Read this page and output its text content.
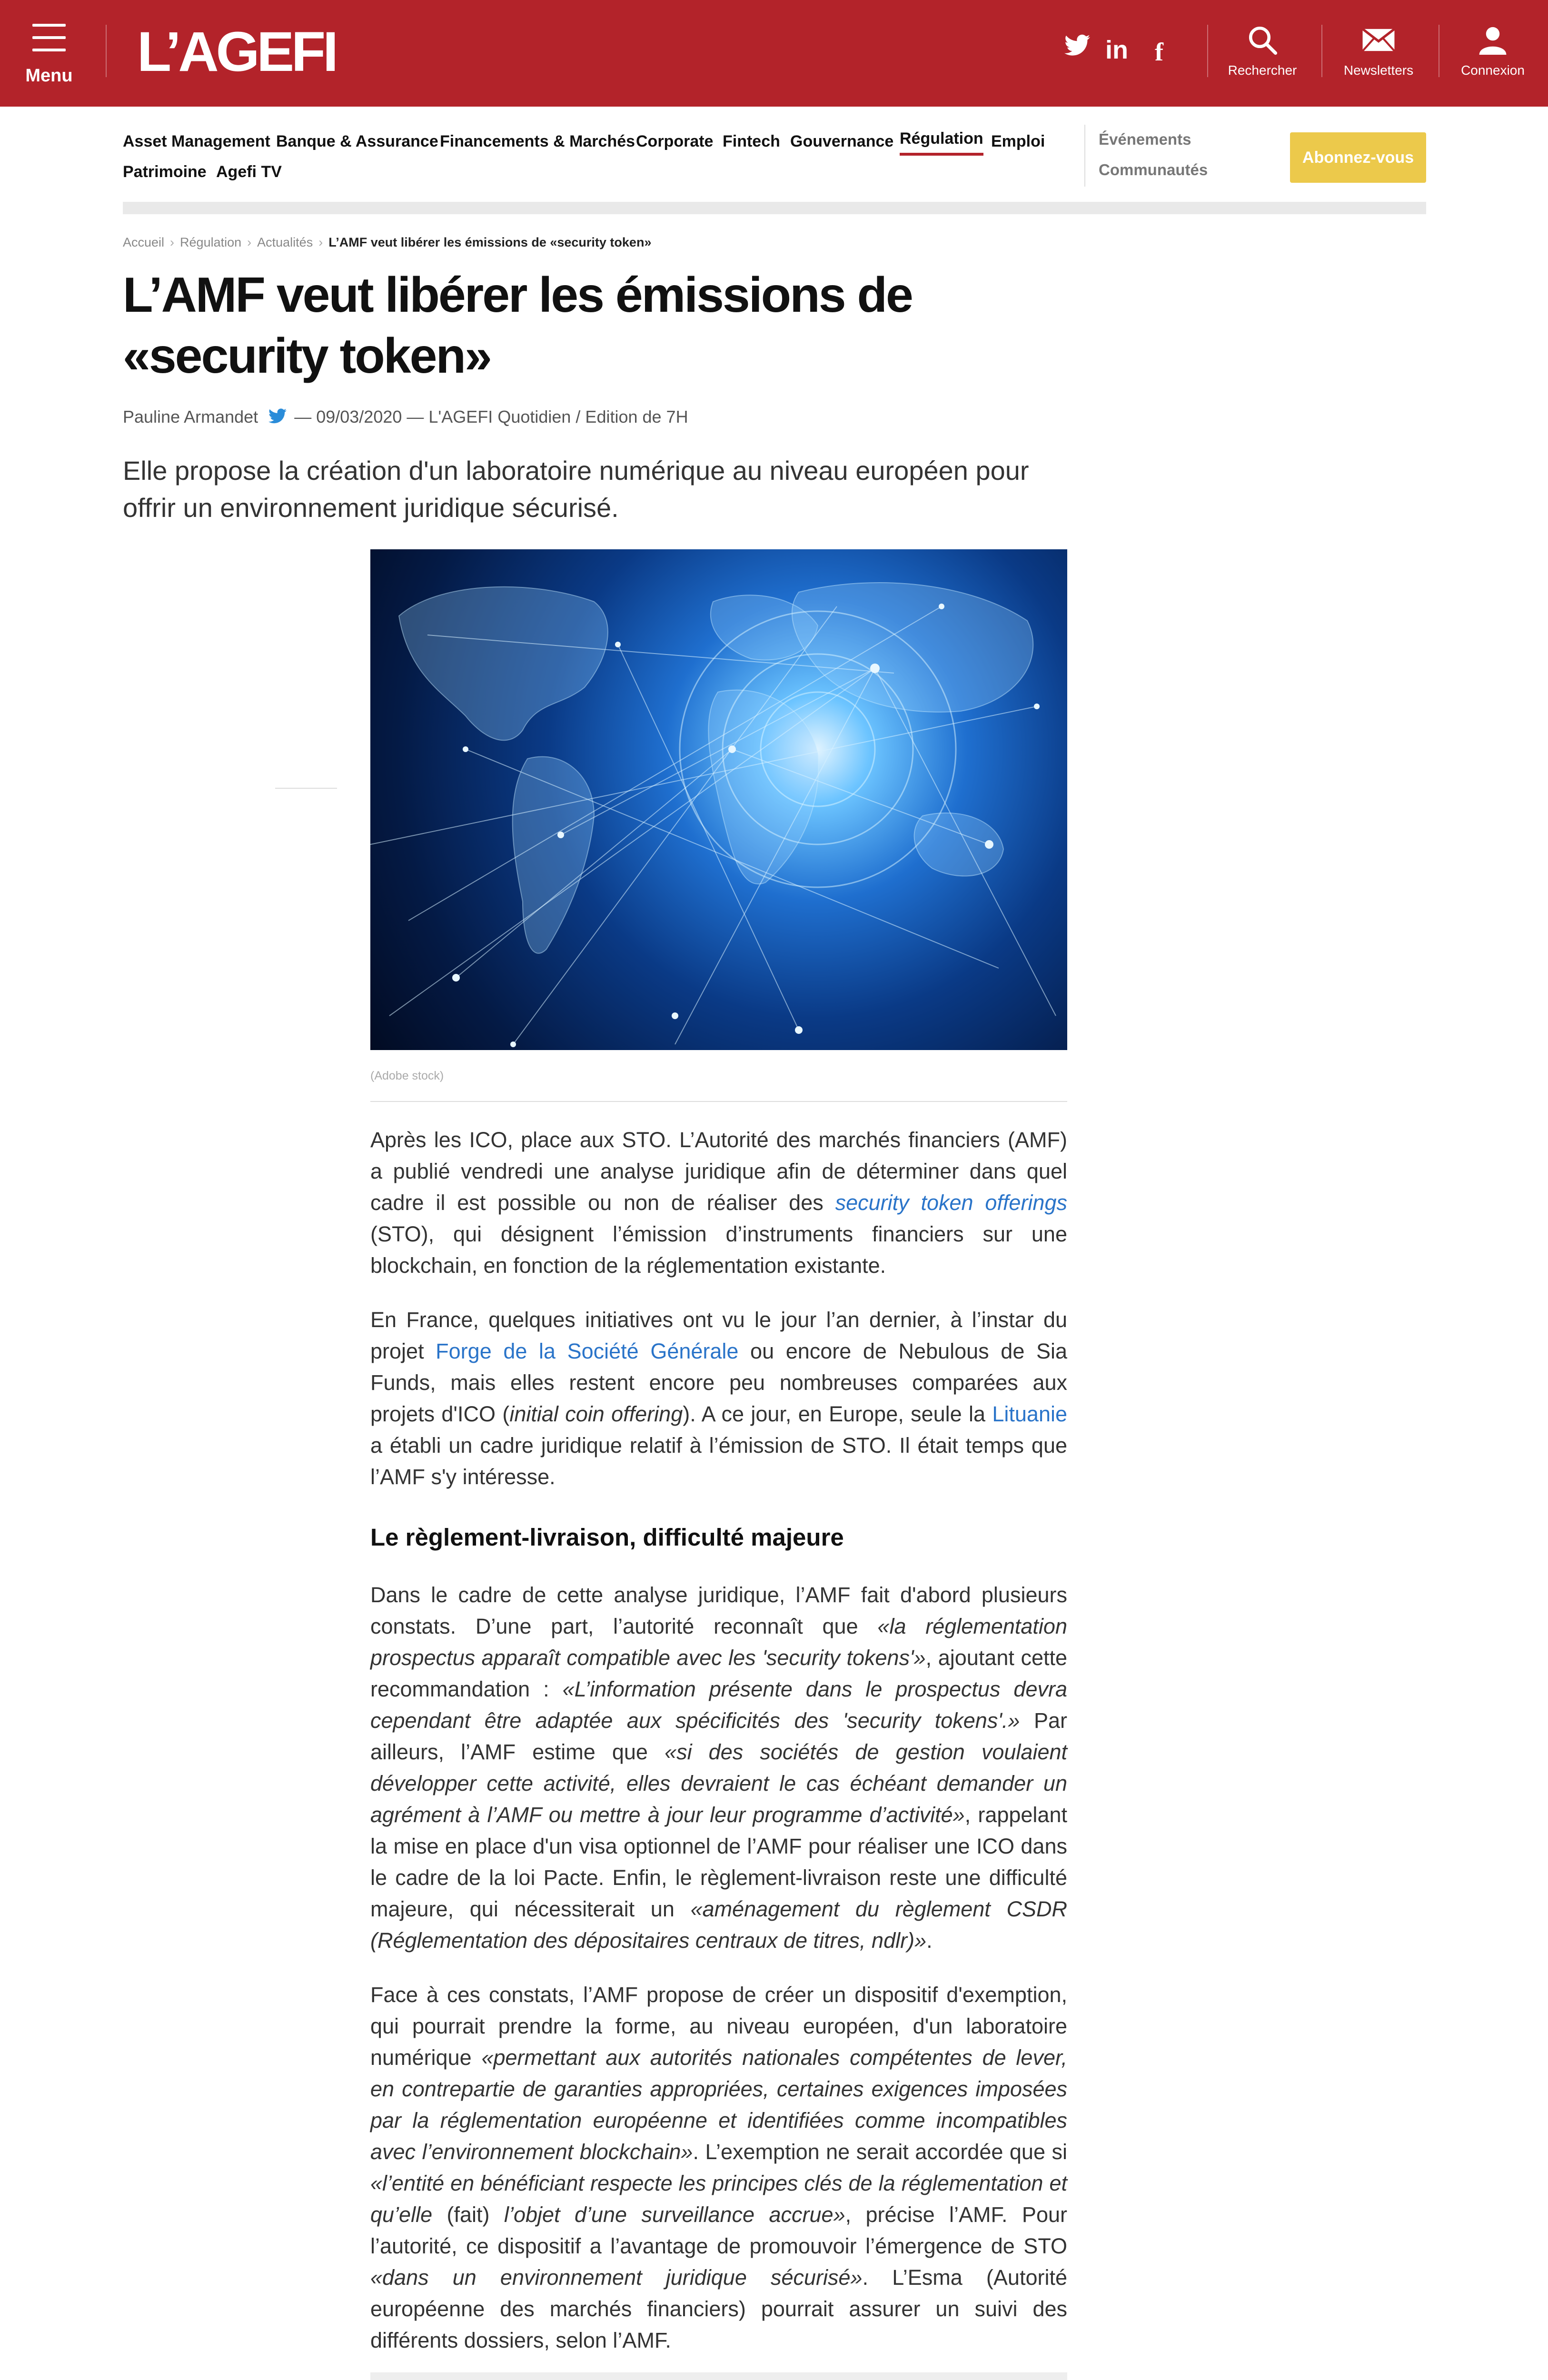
Menu L’AGEFI	in f
Rechercher	Newsletters	Connexion
Asset Management Banque & Assurance Financements & Marchés Corporate Fintech Gouvernance Régulation Emploi
Patrimoine Agefi TV
Événements
Communautés
Abonnez-vous
Accueil › Régulation › Actualités › L’AMF veut libérer les émissions de «security token»
L’AMF veut libérer les émissions de «security token»
Pauline Armandet — 09/03/2020 — L'AGEFI Quotidien / Edition de 7H

Elle propose la création d'un laboratoire numérique au niveau européen pour offrir un environnement juridique sécurisé.

(Adobe stock)

Après les ICO, place aux STO. L’Autorité des marchés financiers (AMF) a publié vendredi une analyse juridique afin de déterminer dans quel cadre il est possible ou non de réaliser des security token offerings (STO), qui désignent l’émission d’instruments financiers sur une blockchain, en fonction de la réglementation existante.

En France, quelques initiatives ont vu le jour l’an dernier, à l’instar du projet Forge de la Société Générale ou encore de Nebulous de Sia Funds, mais elles restent encore peu nombreuses comparées aux projets d'ICO (initial coin offering). A ce jour, en Europe, seule la Lituanie a établi un cadre juridique relatif à l’émission de STO. Il était temps que l’AMF s'y intéresse.

Le règlement-livraison, difficulté majeure

Dans le cadre de cette analyse juridique, l’AMF fait d'abord plusieurs constats. D’une part, l’autorité reconnaît que «la réglementation prospectus apparaît compatible avec les 'security tokens'», ajoutant cette recommandation : «L’information présente dans le prospectus devra cependant être adaptée aux spécificités des 'security tokens'.» Par ailleurs, l’AMF estime que «si des sociétés de gestion voulaient développer cette activité, elles devraient le cas échéant demander un agrément à l’AMF ou mettre à jour leur programme d’activité», rappelant la mise en place d'un visa optionnel de l’AMF pour réaliser une ICO dans le cadre de la loi Pacte. Enfin, le règlement-livraison reste une difficulté majeure, qui nécessiterait un «aménagement du règlement CSDR (Réglementation des dépositaires centraux de titres, ndlr)».

Face à ces constats, l’AMF propose de créer un dispositif d'exemption, qui pourrait prendre la forme, au niveau européen, d'un laboratoire numérique «permettant aux autorités nationales compétentes de lever, en contrepartie de garanties appropriées, certaines exigences imposées par la réglementation européenne et identifiées comme incompatibles avec l’environnement blockchain». L’exemption ne serait accordée que si «l’entité en bénéficiant respecte les principes clés de la réglementation et qu’elle (fait) l’objet d’une surveillance accrue», précise l’AMF. Pour l’autorité, ce dispositif a l’avantage de promouvoir l’émergence de STO «dans un environnement juridique sécurisé». L’Esma (Autorité européenne des marchés financiers) pourrait assurer un suivi des différents dossiers, selon l’AMF.
